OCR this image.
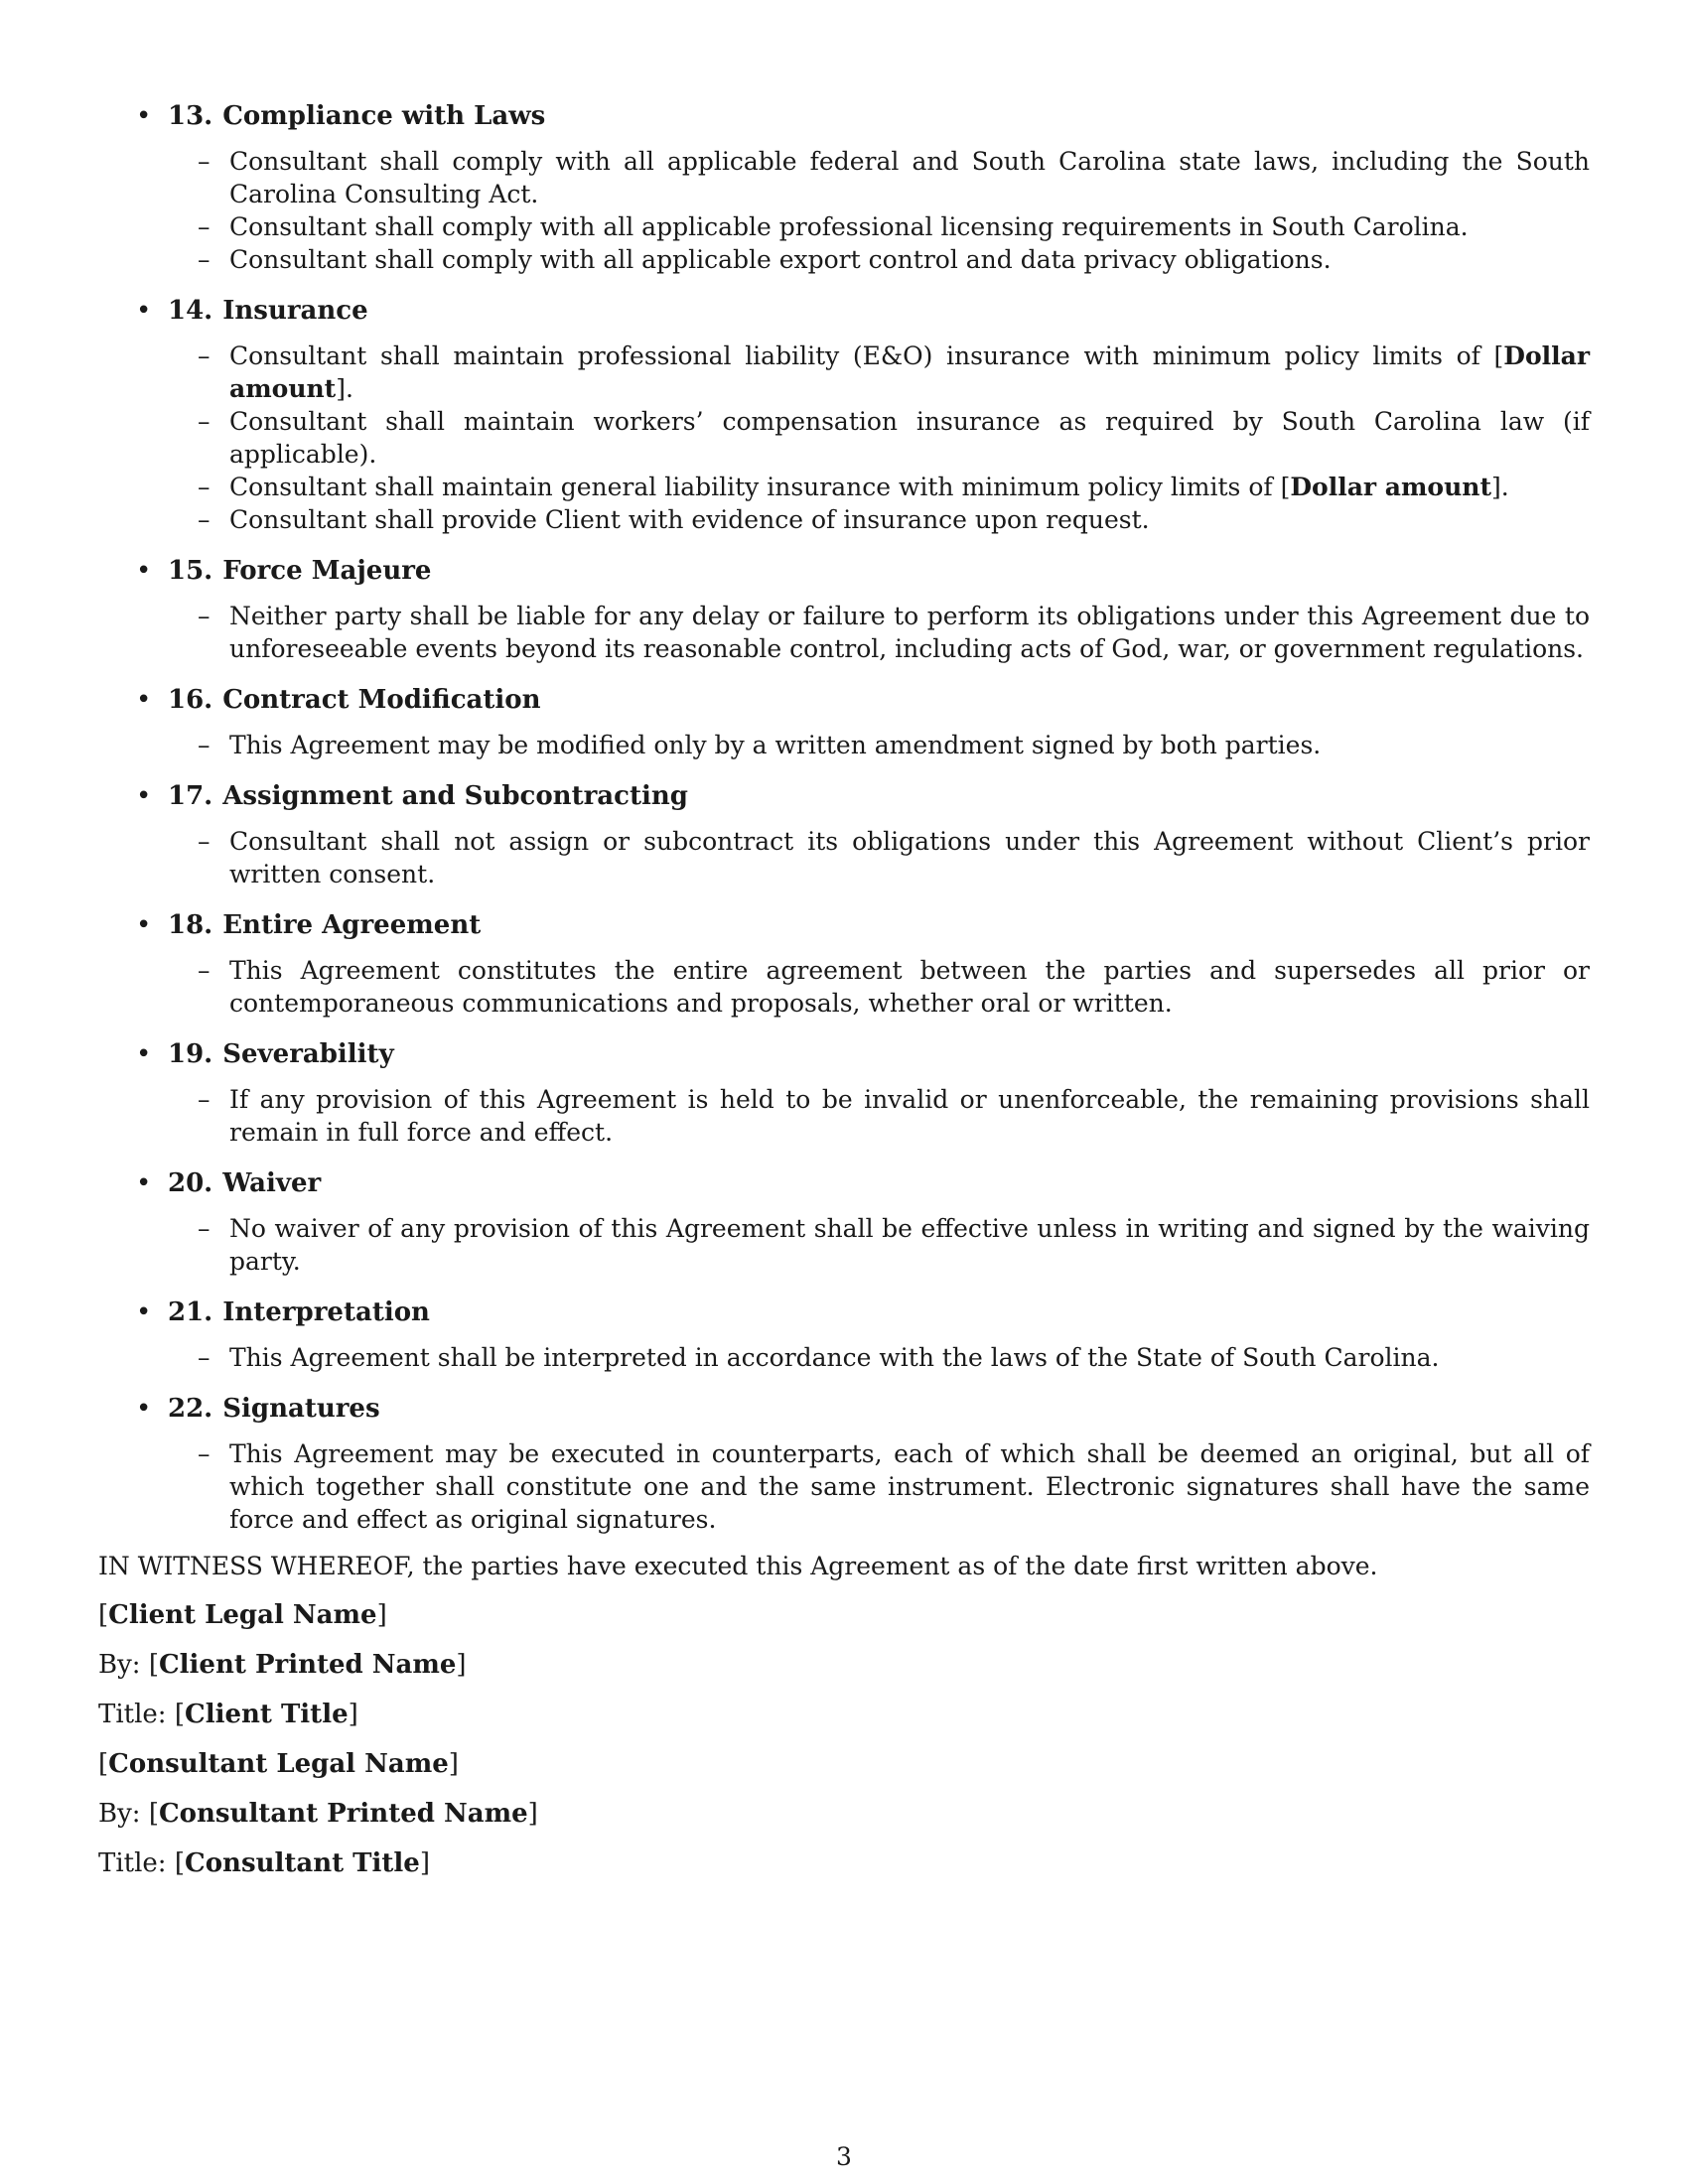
• 13. Compliance with Laws
– Consultant shall comply with all applicable federal and South Carolina state laws, including the South Carolina Consulting Act.
– Consultant shall comply with all applicable professional licensing requirements in South Carolina.
– Consultant shall comply with all applicable export control and data privacy obligations.
• 14. Insurance
– Consultant shall maintain professional liability (E&O) insurance with minimum policy limits of [Dollar amount].
– Consultant shall maintain workers’ compensation insurance as required by South Carolina law (if applicable).
– Consultant shall maintain general liability insurance with minimum policy limits of [Dollar amount].
– Consultant shall provide Client with evidence of insurance upon request.
• 15. Force Majeure
– Neither party shall be liable for any delay or failure to perform its obligations under this Agreement due to unforeseeable events beyond its reasonable control, including acts of God, war, or government regulations.
• 16. Contract Modification
– This Agreement may be modified only by a written amendment signed by both parties.
• 17. Assignment and Subcontracting
– Consultant shall not assign or subcontract its obligations under this Agreement without Client’s prior written consent.
• 18. Entire Agreement
– This Agreement constitutes the entire agreement between the parties and supersedes all prior or contemporaneous communications and proposals, whether oral or written.
• 19. Severability
– If any provision of this Agreement is held to be invalid or unenforceable, the remaining provisions shall remain in full force and effect.
• 20. Waiver
– No waiver of any provision of this Agreement shall be effective unless in writing and signed by the waiving party.
• 21. Interpretation
– This Agreement shall be interpreted in accordance with the laws of the State of South Carolina.
• 22. Signatures
– This Agreement may be executed in counterparts, each of which shall be deemed an original, but all of which together shall constitute one and the same instrument. Electronic signatures shall have the same force and effect as original signatures.

IN WITNESS WHEREOF, the parties have executed this Agreement as of the date first written above.

[Client Legal Name]

By: [Client Printed Name]

Title: [Client Title]

[Consultant Legal Name]

By: [Consultant Printed Name]

Title: [Consultant Title]

3
